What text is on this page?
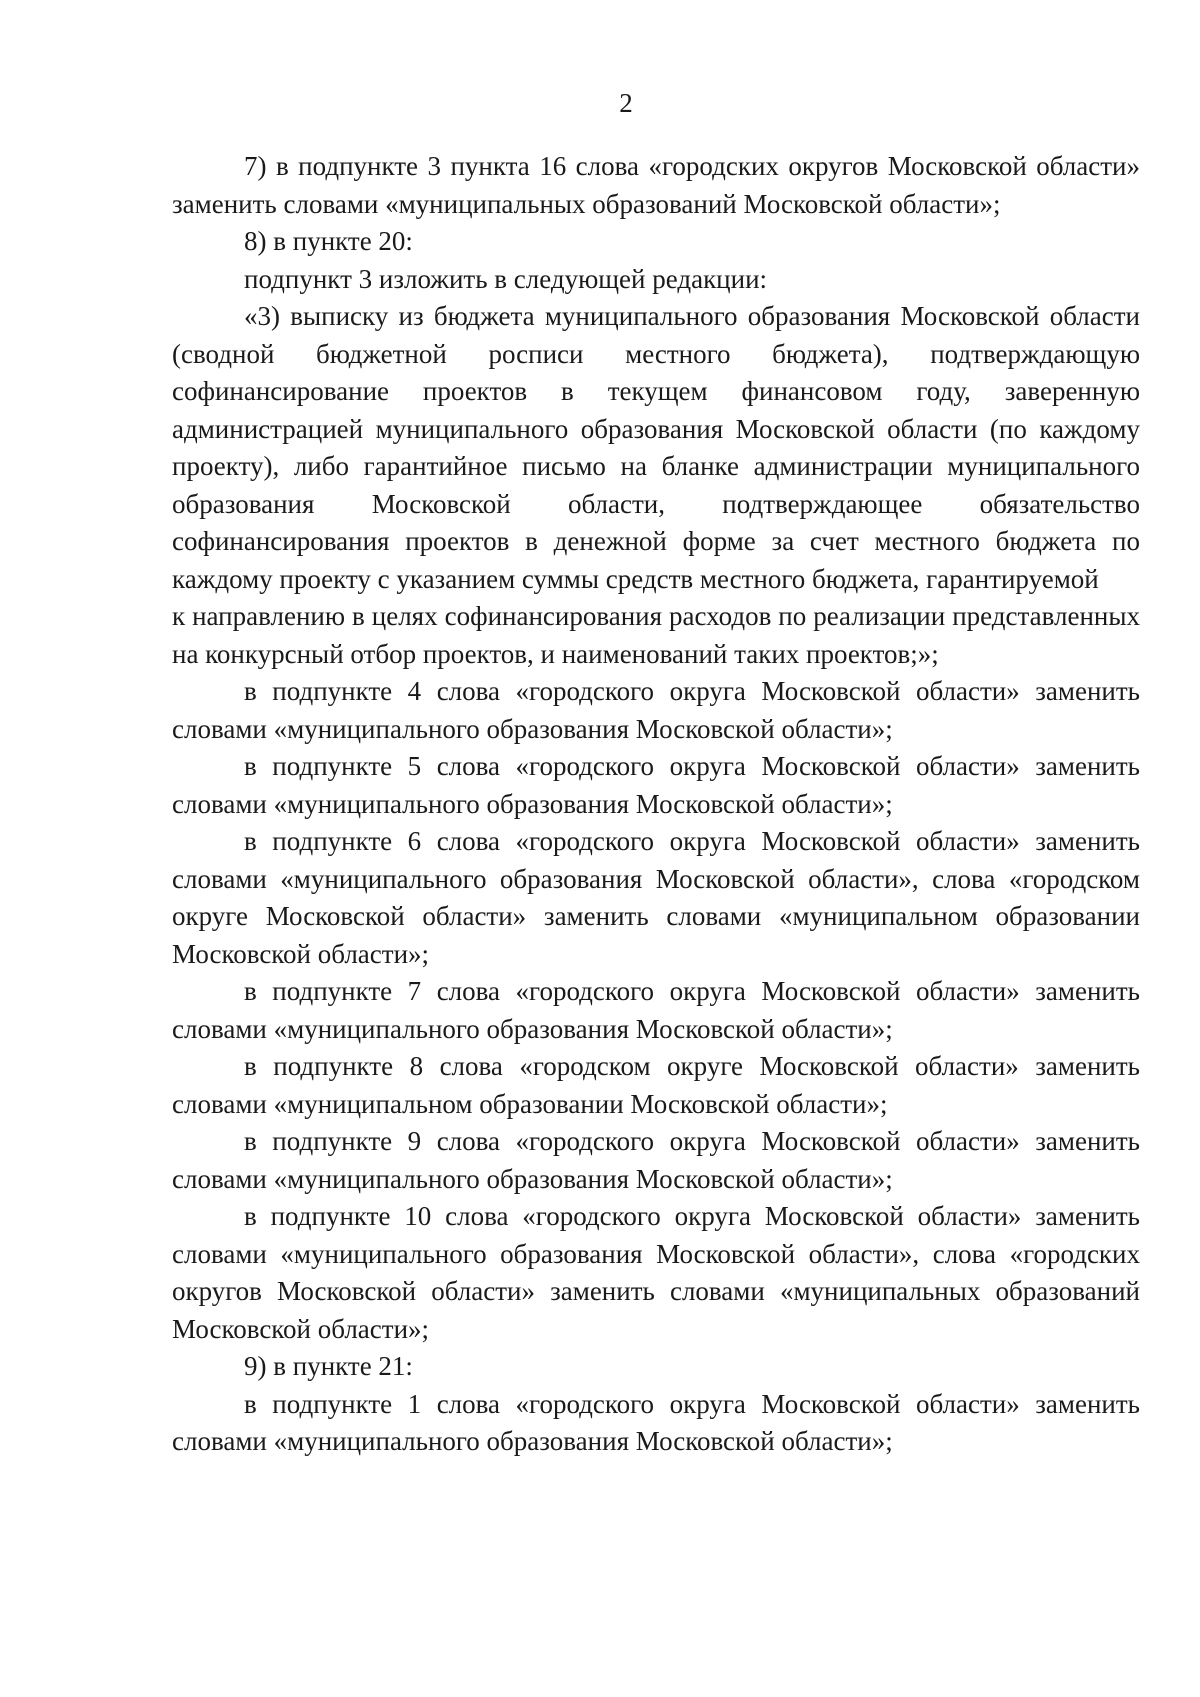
2

7) в подпункте 3 пункта 16 слова «городских округов Московской области» заменить словами «муниципальных образований Московской области»;

8) в пункте 20:

подпункт 3 изложить в следующей редакции:

«3) выписку из бюджета муниципального образования Московской области (сводной бюджетной росписи местного бюджета), подтверждающую софинансирование проектов в текущем финансовом году, заверенную администрацией муниципального образования Московской области (по каждому проекту), либо гарантийное письмо на бланке администрации муниципального образования Московской области, подтверждающее обязательство софинансирования проектов в денежной форме за счет местного бюджета по каждому проекту с указанием суммы средств местного бюджета, гарантируемой

к направлению в целях софинансирования расходов по реализации представленных на конкурсный отбор проектов, и наименований таких проектов;»;

в подпункте 4 слова «городского округа Московской области» заменить словами «муниципального образования Московской области»;

в подпункте 5 слова «городского округа Московской области» заменить словами «муниципального образования Московской области»;

в подпункте 6 слова «городского округа Московской области» заменить словами «муниципального образования Московской области», слова «городском округе Московской области» заменить словами «муниципальном образовании Московской области»;

в подпункте 7 слова «городского округа Московской области» заменить словами «муниципального образования Московской области»;

в подпункте 8 слова «городском округе Московской области» заменить словами «муниципальном образовании Московской области»;

в подпункте 9 слова «городского округа Московской области» заменить словами «муниципального образования Московской области»;

в подпункте 10 слова «городского округа Московской области» заменить словами «муниципального образования Московской области», слова «городских округов Московской области» заменить словами «муниципальных образований Московской области»;

9) в пункте 21:

в подпункте 1 слова «городского округа Московской области» заменить словами «муниципального образования Московской области»;
